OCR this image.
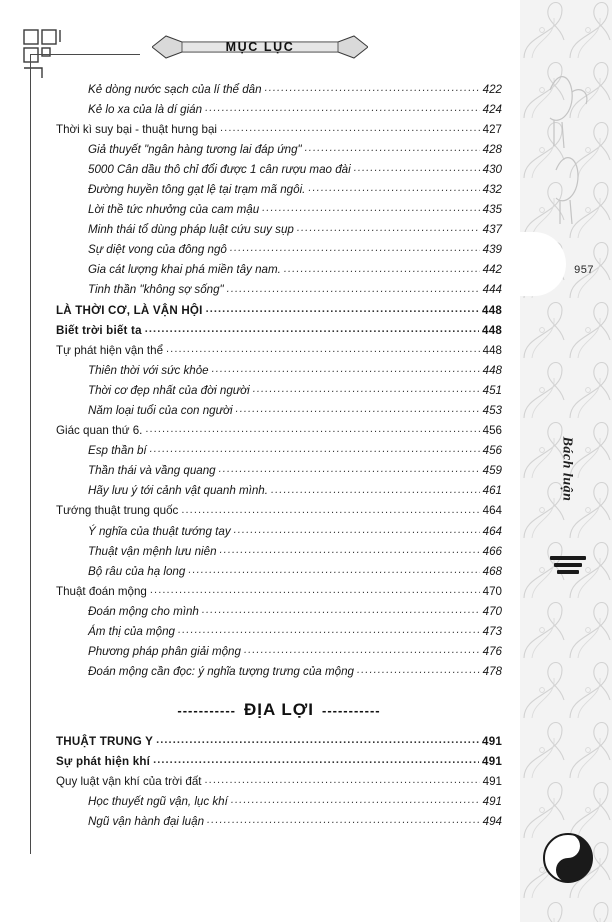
957
Bách luận
MỤC LỤC
Kẻ dòng nước sạch của lí thể dân .....	422
Kẻ lo xa của là dí gián .....	424
Thời kì suy bại - thuật hưng bại .....	427
Giả thuyết "ngân hàng tương lai đáp ứng" .....	428
5000 Cân dầu thô chỉ đổi được 1 cân rượu mao đài .....	430
Đường huyền tông gạt lệ tại trạm mã ngôi. .....	432
Lời thề tức nhưởng của cam mậu .....	435
Minh thái tổ dùng pháp luật cứu suy sụp .....	437
Sự diệt vong của đông ngô .....	439
Gia cát lượng khai phá miền tây nam. .....	442
Tinh thần "không sợ sống" .....	444
LÀ THỜI CƠ, LÀ VẬN HỘI .....	448
Biết trời biết ta .....	448
Tự phát hiện vận thể .....	448
Thiên thời với sức khỏe .....	448
Thời cơ đẹp nhất của đời người .....	451
Năm loại tuổi của con người .....	453
Giác quan thứ 6. .....	456
Esp thần bí .....	456
Thần thái và vầng quang .....	459
Hãy lưu ý tới cảnh vật quanh mình. .....	461
Tướng thuật trung quốc .....	464
Ý nghĩa của thuật tướng tay .....	464
Thuật vận mệnh lưu niên .....	466
Bộ râu của hạ long .....	468
Thuật đoán mộng .....	470
Đoán mộng cho mình .....	470
Ám thị của mộng .....	473
Phương pháp phân giải mộng .....	476
Đoán mộng cần đọc: ý nghĩa tượng trưng của mộng .....	478
----------- ĐỊA LỢI -----------
THUẬT TRUNG Y .....	491
Sự phát hiện khí .....	491
Quy luật vận khí của trời đất .....	491
Học thuyết ngũ vận, lục khí .....	491
Ngũ vận hành đại luận .....	494
